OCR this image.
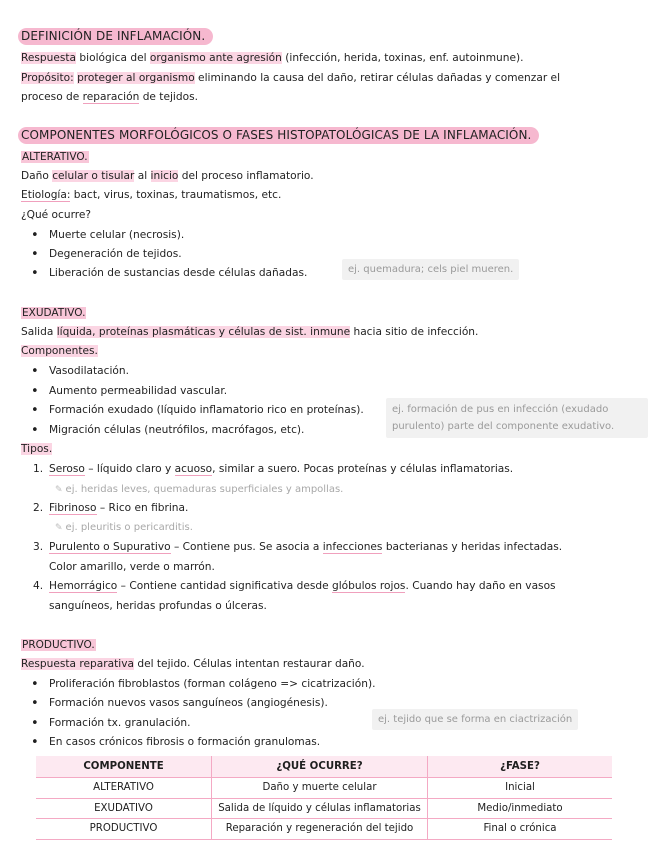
DEFINICIÓN DE INFLAMACIÓN.
Respuesta biológica del organismo ante agresión (infección, herida, toxinas, enf. autoinmune).
Propósito: proteger al organismo eliminando la causa del daño, retirar células dañadas y comenzar el
proceso de reparación de tejidos.
COMPONENTES MORFOLÓGICOS O FASES HISTOPATOLÓGICAS DE LA INFLAMACIÓN.
ALTERATIVO.
Daño celular o tisular al inicio del proceso inflamatorio.
Etiología: bact, virus, toxinas, traumatismos, etc.
¿Qué ocurre?
• Muerte celular (necrosis).
• Degeneración de tejidos.
• Liberación de sustancias desde células dañadas.	ej. quemadura; cels piel mueren.
EXUDATIVO.
Salida líquida, proteínas plasmáticas y células de sist. inmune hacia sitio de infección.
Componentes.
• Vasodilatación.
• Aumento permeabilidad vascular.
• Formación exudado (líquido inflamatorio rico en proteínas).
• Migración células (neutrófilos, macrófagos, etc).
ej. formación de pus en infección (exudado purulento) parte del componente exudativo.
Tipos.
1. Seroso – líquido claro y acuoso, similar a suero. Pocas proteínas y células inflamatorias.
✎ ej. heridas leves, quemaduras superficiales y ampollas.
2. Fibrinoso – Rico en fibrina.
✎ ej. pleuritis o pericarditis.
3. Purulento o Supurativo – Contiene pus. Se asocia a infecciones bacterianas y heridas infectadas.
Color amarillo, verde o marrón.
4. Hemorrágico – Contiene cantidad significativa desde glóbulos rojos. Cuando hay daño en vasos
sanguíneos, heridas profundas o úlceras.
PRODUCTIVO.
Respuesta reparativa del tejido. Células intentan restaurar daño.
• Proliferación fibroblastos (forman colágeno => cicatrización).
• Formación nuevos vasos sanguíneos (angiogénesis).
• Formación tx. granulación.
• En casos crónicos fibrosis o formación granulomas.
ej. tejido que se forma en ciactrización
COMPONENTE	¿QUÉ OCURRE?	¿FASE?
ALTERATIVO	Daño y muerte celular	Inicial
EXUDATIVO	Salida de líquido y células inflamatorias	Medio/inmediato
PRODUCTIVO	Reparación y regeneración del tejido	Final o crónica
